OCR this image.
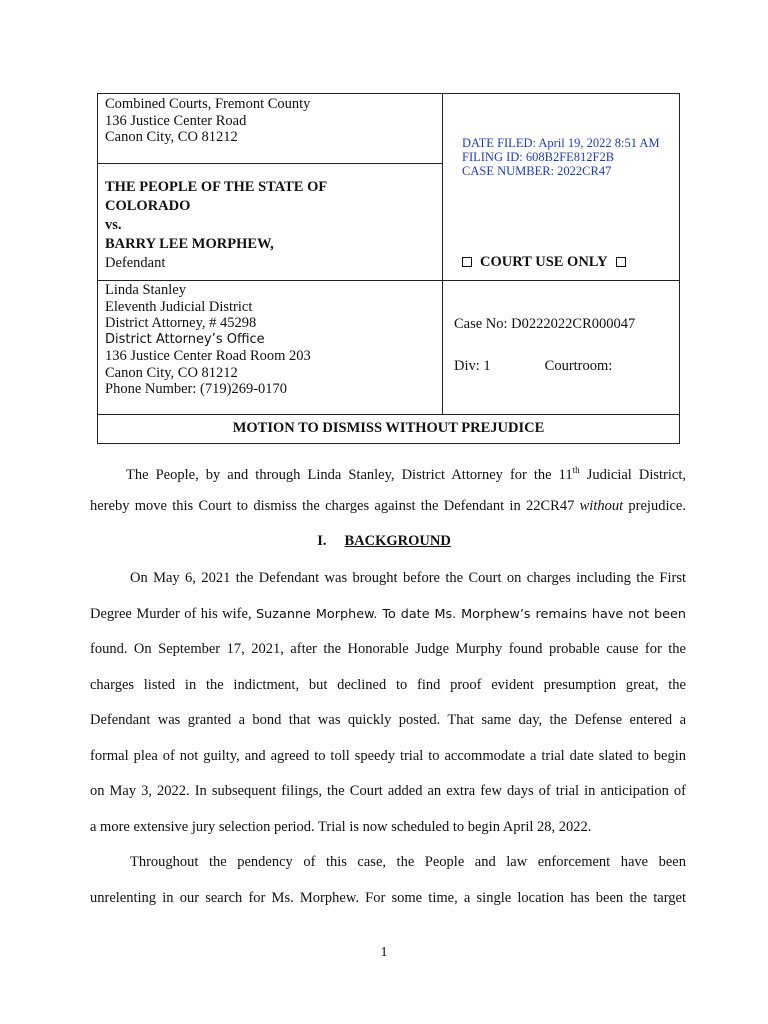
Combined Courts, Fremont County
136 Justice Center Road
Canon City, CO 81212
THE PEOPLE OF THE STATE OF
COLORADO
vs.
BARRY LEE MORPHEW,
Defendant
DATE FILED: April 19, 2022 8:51 AM
FILING ID: 608B2FE812F2B
CASE NUMBER: 2022CR47
COURT USE ONLY
Linda Stanley
Eleventh Judicial District
District Attorney, # 45298
District Attorney’s Office
136 Justice Center Road Room 203
Canon City, CO 81212
Phone Number: (719)269-0170
Case No: D0222022CR000047
Div: 1	Courtroom:
MOTION TO DISMISS WITHOUT PREJUDICE
The People, by and through Linda Stanley, District Attorney for the 11th Judicial District,
hereby move this Court to dismiss the charges against the Defendant in 22CR47 without prejudice.
I. BACKGROUND
On May 6, 2021 the Defendant was brought before the Court on charges including the First
Degree Murder of his wife, Suzanne Morphew. To date Ms. Morphew’s remains have not been
found. On September 17, 2021, after the Honorable Judge Murphy found probable cause for the
charges listed in the indictment, but declined to find proof evident presumption great, the
Defendant was granted a bond that was quickly posted. That same day, the Defense entered a
formal plea of not guilty, and agreed to toll speedy trial to accommodate a trial date slated to begin
on May 3, 2022. In subsequent filings, the Court added an extra few days of trial in anticipation of
a more extensive jury selection period. Trial is now scheduled to begin April 28, 2022.
Throughout the pendency of this case, the People and law enforcement have been
unrelenting in our search for Ms. Morphew. For some time, a single location has been the target
1
